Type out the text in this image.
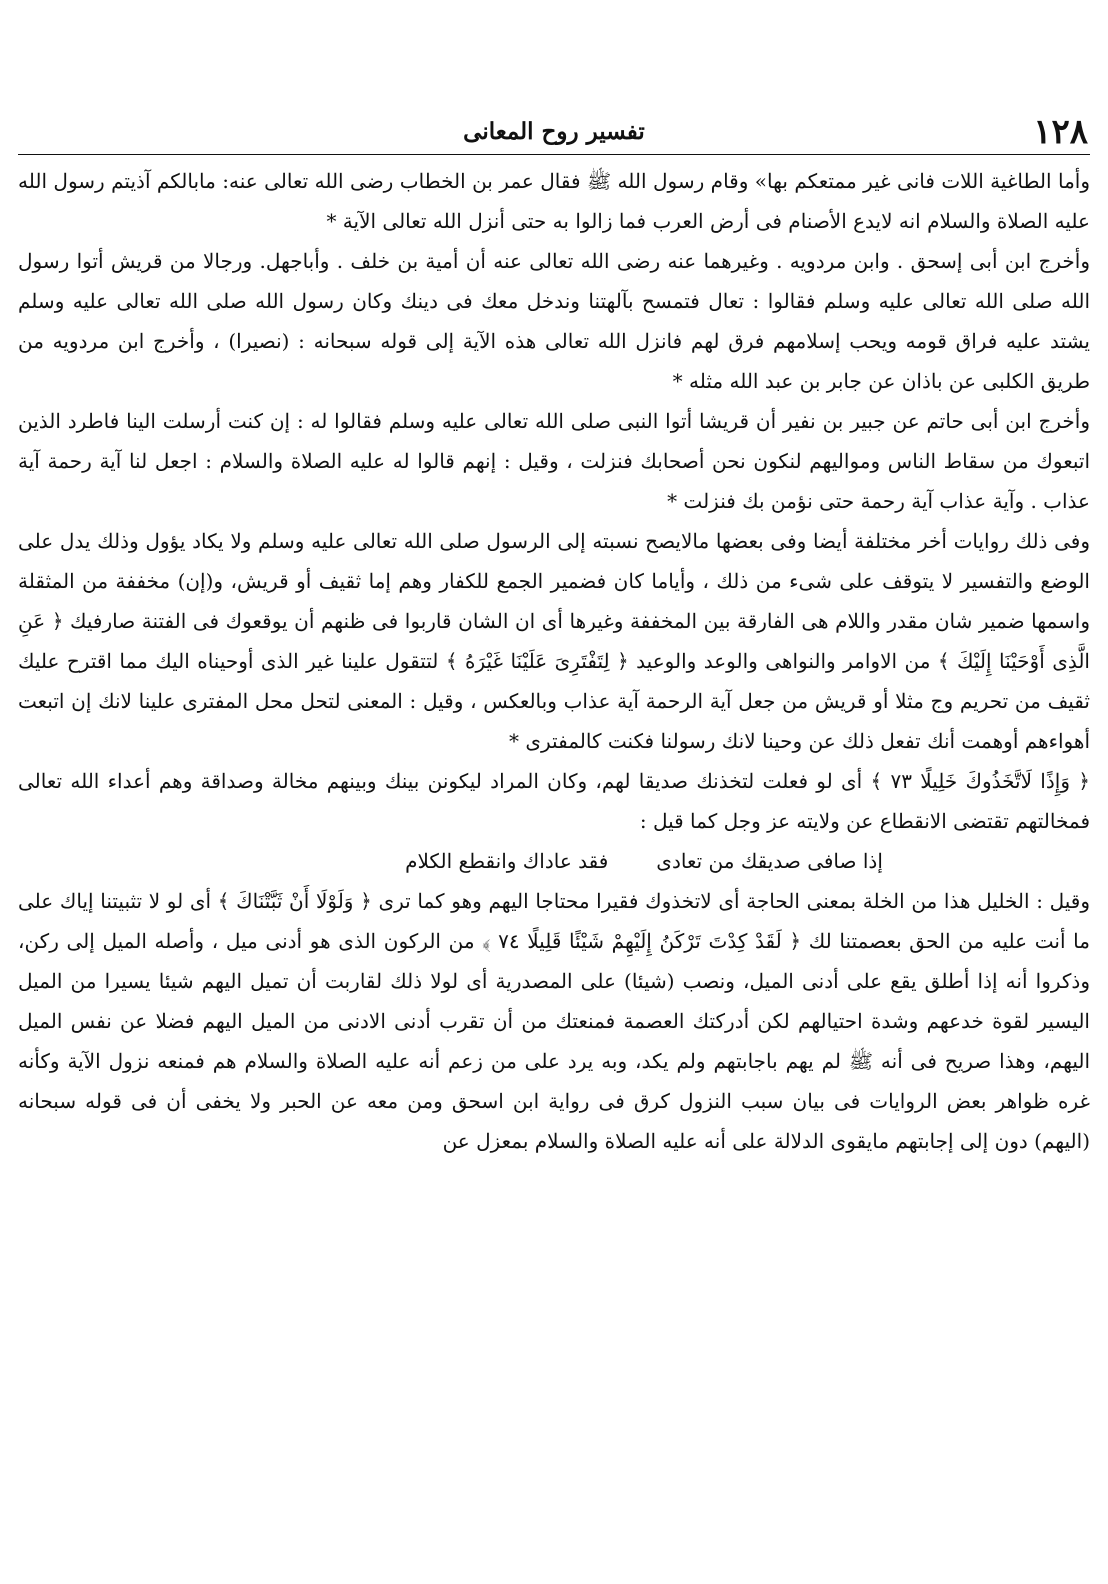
١٢٨
تفسير روح المعانى

وأما الطاغية اللات فانى غير ممتعكم بها» وقام رسول الله ﷺ فقال عمر بن الخطاب رضى الله تعالى عنه: مابالكم آذيتم رسول الله عليه الصلاة والسلام انه لايدع الأصنام فى أرض العرب فما زالوا به حتى أنزل الله تعالى الآية *

وأخرج ابن أبى إسحق . وابن مردويه . وغيرهما عنه رضى الله تعالى عنه أن أمية بن خلف . وأباجهل. ورجالا من قريش أتوا رسول الله صلى الله تعالى عليه وسلم فقالوا : تعال فتمسح بآلهتنا وندخل معك فى دينك وكان رسول الله صلى الله تعالى عليه وسلم يشتد عليه فراق قومه ويحب إسلامهم فرق لهم فانزل الله تعالى هذه الآية إلى قوله سبحانه : (نصيرا) ، وأخرج ابن مردويه من طريق الكلبى عن باذان عن جابر بن عبد الله مثله *

وأخرج ابن أبى حاتم عن جبير بن نفير أن قريشا أتوا النبى صلى الله تعالى عليه وسلم فقالوا له : إن كنت أرسلت الينا فاطرد الذين اتبعوك من سقاط الناس ومواليهم لنكون نحن أصحابك فنزلت ، وقيل : إنهم قالوا له عليه الصلاة والسلام : اجعل لنا آية رحمة آية عذاب . وآية عذاب آية رحمة حتى نؤمن بك فنزلت *

وفى ذلك روايات أخر مختلفة أيضا وفى بعضها مالايصح نسبته إلى الرسول صلى الله تعالى عليه وسلم ولا يكاد يؤول وذلك يدل على الوضع والتفسير لا يتوقف على شىء من ذلك ، وأياما كان فضمير الجمع للكفار وهم إما ثقيف أو قريش، و(إن) مخففة من المثقلة واسمها ضمير شان مقدر واللام هى الفارقة بين المخففة وغيرها أى ان الشان قاربوا فى ظنهم أن يوقعوك فى الفتنة صارفيك ﴿ عَنِ الَّذِى أَوْحَيْنَا إِلَيْكَ ﴾ من الاوامر والنواهى والوعد والوعيد ﴿ لِتَفْتَرِىَ عَلَيْنَا غَيْرَهُ ﴾ لتتقول علينا غير الذى أوحيناه اليك مما اقترح عليك ثقيف من تحريم وج مثلا أو قريش من جعل آية الرحمة آية عذاب وبالعكس ، وقيل : المعنى لتحل محل المفترى علينا لانك إن اتبعت أهواءهم أوهمت أنك تفعل ذلك عن وحينا لانك رسولنا فكنت كالمفترى *

﴿ وَإِذًا لَاتَّخَذُوكَ خَلِيلًا ٧٣ ﴾ أى لو فعلت لتخذنك صديقا لهم، وكان المراد ليكونن بينك وبينهم مخالة وصداقة وهم أعداء الله تعالى فمخالتهم تقتضى الانقطاع عن ولايته عز وجل كما قيل :

إذا صافى صديقك من تعادى
فقد عاداك وانقطع الكلام

وقيل : الخليل هذا من الخلة بمعنى الحاجة أى لاتخذوك فقيرا محتاجا اليهم وهو كما ترى ﴿ وَلَوْلَا أَنْ ثَبَّتْنَاكَ ﴾ أى لو لا تثبيتنا إياك على ما أنت عليه من الحق بعصمتنا لك ﴿ لَقَدْ كِدْتَ تَرْكَنُ إِلَيْهِمْ شَيْئًا قَلِيلًا ٧٤ ﴾ من الركون الذى هو أدنى ميل ، وأصله الميل إلى ركن، وذكروا أنه إذا أطلق يقع على أدنى الميل، ونصب (شيئا) على المصدرية أى لولا ذلك لقاربت أن تميل اليهم شيئا يسيرا من الميل اليسير لقوة خدعهم وشدة احتيالهم لكن أدركتك العصمة فمنعتك من أن تقرب أدنى الادنى من الميل اليهم فضلا عن نفس الميل اليهم، وهذا صريح فى أنه ﷺ لم يهم باجابتهم ولم يكد، وبه يرد على من زعم أنه عليه الصلاة والسلام هم فمنعه نزول الآية وكأنه غره ظواهر بعض الروايات فى بيان سبب النزول كرق فى رواية ابن اسحق ومن معه عن الحبر ولا يخفى أن فى قوله سبحانه (اليهم) دون إلى إجابتهم مايقوى الدلالة على أنه عليه الصلاة والسلام بمعزل عن
